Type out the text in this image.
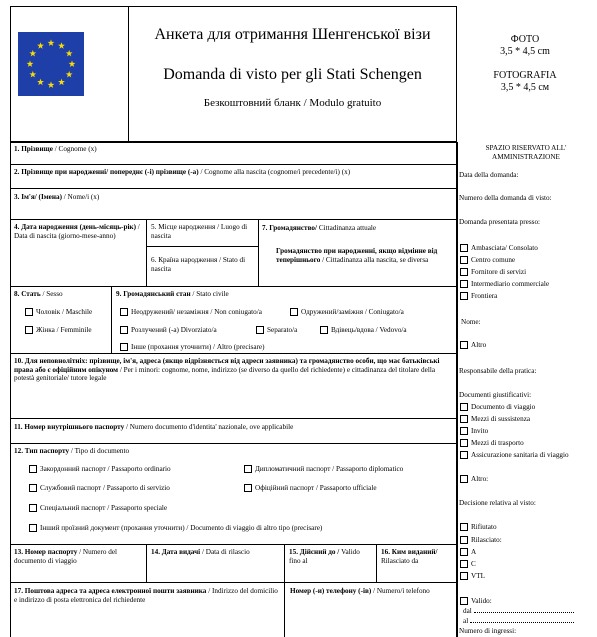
Анкета для отримання Шенгенської візи
Domanda di visto per gli Stati Schengen
Безкоштовний бланк / Modulo gratuito
ФОТО
3,5 * 4,5 cm
FOTOGRAFIA
3,5 * 4,5 см
1. Прізвище / Cognome (x)
2. Прізвище при народженні/ попереднє (-і) прізвище (-а) / Cognome alla nascita (cognome/i precedente/i) (x)
3. Ім'я/ (Імена) / Nome/i (x)
4. Дата народження (день-місяць-рік) / Data di nascita (giorno-mese-anno)
5. Місце народження / Luogo di nascita
6. Країна народження / Stato di nascita
7. Громадянство/ Cittadinanza attuale
Громадянство при народженні, якщо відмінне від теперішнього / Cittadinanza alla nascita, se diversa
8. Стать / Sesso
Чоловік / Maschile
Жінка / Femminile
9. Громадянський стан / Stato civile
Неодружений/ незаміжня / Non coniugato/a	Одружений/заміжня / Coniugato/a
Розлучений (-а) Divorziato/a	Separato/a	Вдівець/вдова / Vedovo/a
Інше (прохання уточнити) / Altro (precisare)
10. Для неповнолітніх: прізвище, ім'я, адреса (якщо відрізняється від адреси заявника) та громадянство особи, що має батьківські права або є офіційним опікуном / Per i minori: cognome, nome, indirizzo (se diverso da quello del richiedente) e cittadinanza del titolare della potestà genitoriale/ tutore legale
11. Номер внутрішнього паспорту / Numero documento d'identita' nazionale, ove applicabile
12. Тип паспорту / Tipo di documento
Закордонний паспорт / Passaporto ordinario	Дипломатичний паспорт / Passaporto diplomatico
Службовий паспорт / Passaporto di servizio	Офіційний паспорт / Passaporto ufficiale
Спеціальний паспорт / Passaporto speciale
Інший проїзний документ (прохання уточнити) / Documento di viaggio di altro tipo (precisare)
13. Номер паспорту / Numero del documento di viaggio
14. Дата видачі / Data di rilascio	15. Дійсний до / Valido fino al
16. Ким виданий/ Rilasciato da
17. Поштова адреса та адреса електронної пошти заявника / Indirizzo del domicilio e indirizzo di posta elettronica del richiedente
Номер (-и) телефону (-ів) / Numero/i telefono
SPAZIO RISERVATO ALL' AMMINISTRAZIONE
Data della domanda:
Numero della domanda di visto:
Domanda presentata presso:
Ambasciata/ Consolato
Centro comune
Fornitore di servizi
Intermediario commerciale
Frontiera
Nome:
Altro
Responsabile della pratica:
Documenti giustificativi:
Documento di viaggio
Mezzi di sussistenza
Invito
Mezzi di trasporto
Assicurazione sanitaria di viaggio
Altro:
Decisione relativa al visto:
Rifiutato
Rilasciato:
A
C
VTL
Valido:
dal
al
Numero di ingressi:
